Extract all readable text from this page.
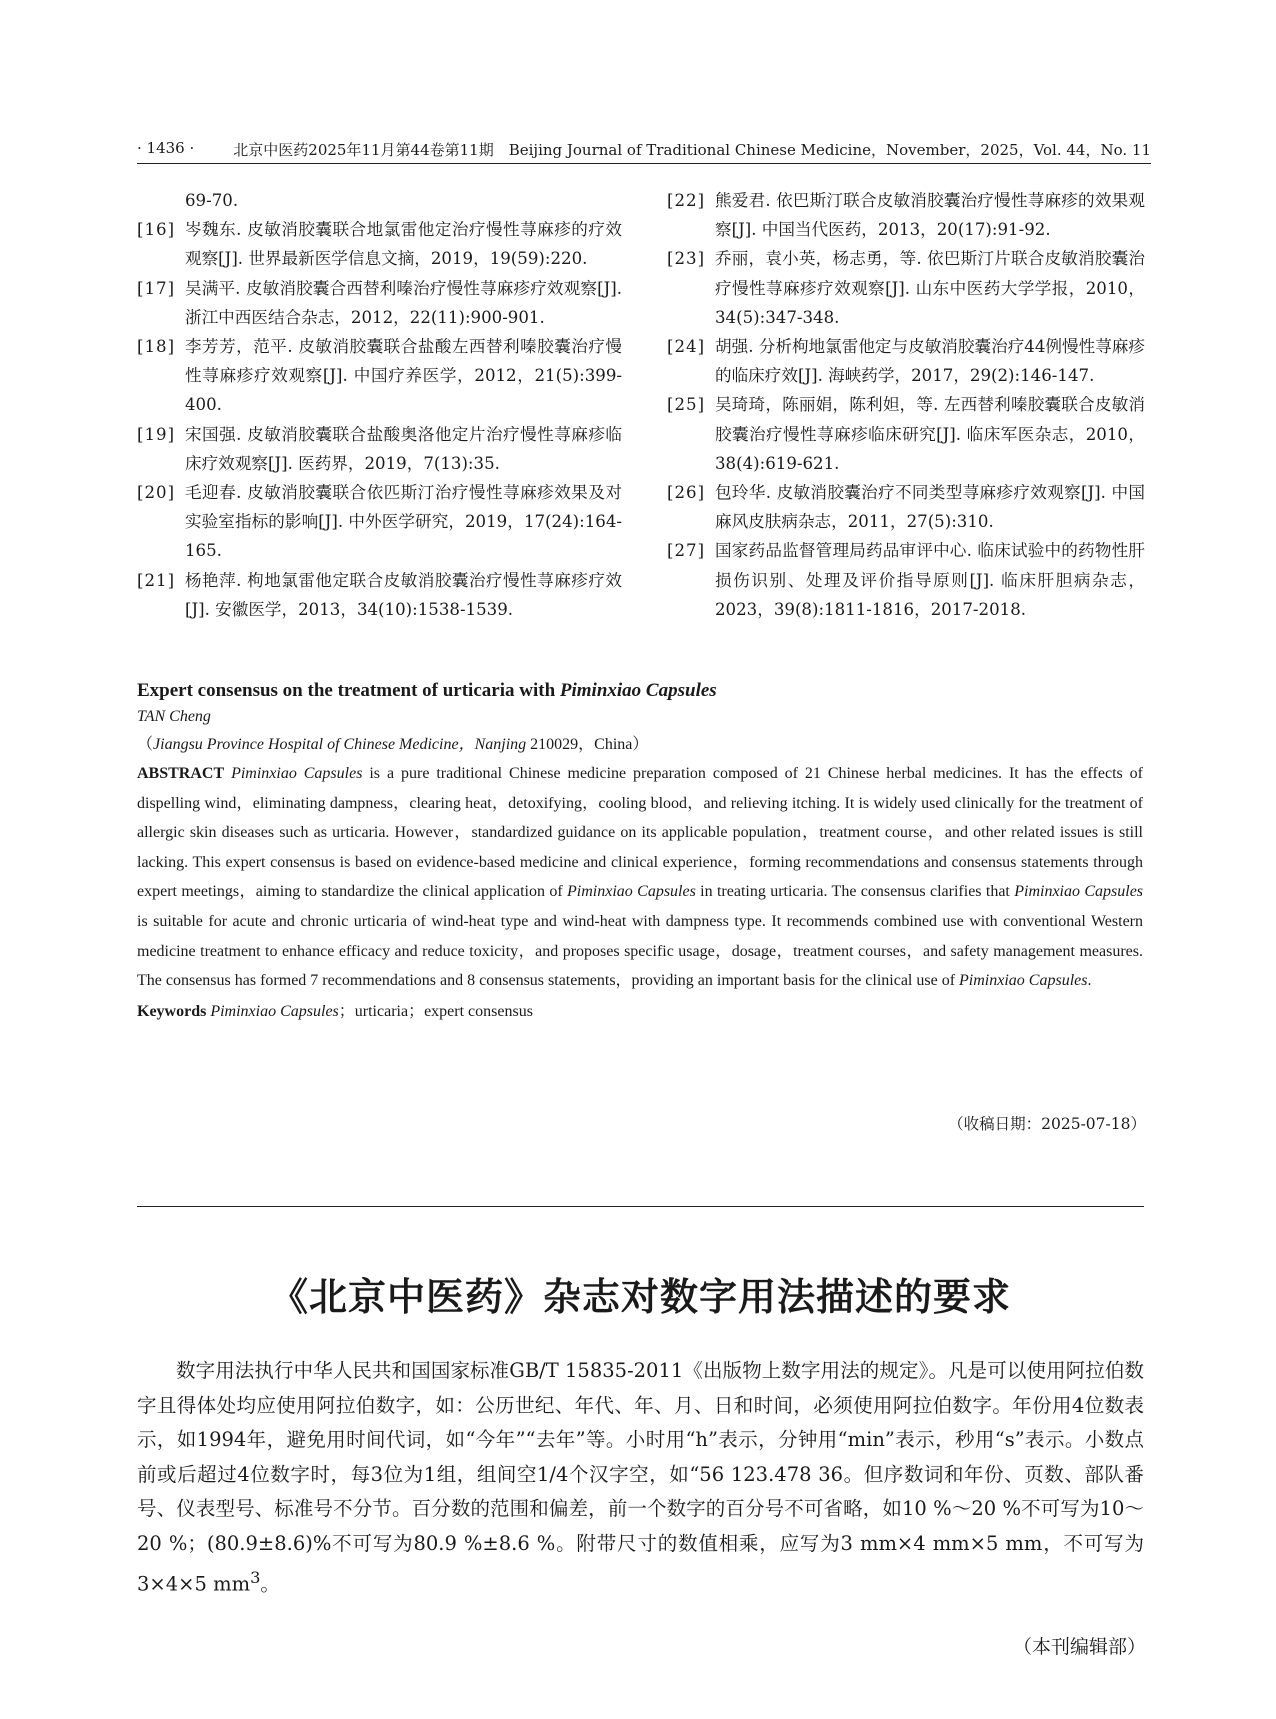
· 1436 ·	北京中医药2025年11月第44卷第11期　Beijing Journal of Traditional Chinese Medicine，November，2025，Vol. 44，No. 11
69-70.
[16] 岑魏东. 皮敏消胶囊联合地氯雷他定治疗慢性荨麻疹的疗效观察[J]. 世界最新医学信息文摘，2019，19(59):220.
[17] 吴满平. 皮敏消胶囊合西替利嗪治疗慢性荨麻疹疗效观察[J]. 浙江中西医结合杂志，2012，22(11):900-901.
[18] 李芳芳，范平. 皮敏消胶囊联合盐酸左西替利嗪胶囊治疗慢性荨麻疹疗效观察[J]. 中国疗养医学，2012，21(5):399-400.
[19] 宋国强. 皮敏消胶囊联合盐酸奥洛他定片治疗慢性荨麻疹临床疗效观察[J]. 医药界，2019，7(13):35.
[20] 毛迎春. 皮敏消胶囊联合依匹斯汀治疗慢性荨麻疹效果及对实验室指标的影响[J]. 中外医学研究，2019，17(24):164-165.
[21] 杨艳萍. 枸地氯雷他定联合皮敏消胶囊治疗慢性荨麻疹疗效[J]. 安徽医学，2013，34(10):1538-1539.
[22] 熊爱君. 依巴斯汀联合皮敏消胶囊治疗慢性荨麻疹的效果观察[J]. 中国当代医药，2013，20(17):91-92.
[23] 乔丽，袁小英，杨志勇，等. 依巴斯汀片联合皮敏消胶囊治疗慢性荨麻疹疗效观察[J]. 山东中医药大学学报，2010，34(5):347-348.
[24] 胡强. 分析枸地氯雷他定与皮敏消胶囊治疗44例慢性荨麻疹的临床疗效[J]. 海峡药学，2017，29(2):146-147.
[25] 吴琦琦，陈丽娟，陈利妲，等. 左西替利嗪胶囊联合皮敏消胶囊治疗慢性荨麻疹临床研究[J]. 临床军医杂志，2010，38(4):619-621.
[26] 包玲华. 皮敏消胶囊治疗不同类型荨麻疹疗效观察[J]. 中国麻风皮肤病杂志，2011，27(5):310.
[27] 国家药品监督管理局药品审评中心. 临床试验中的药物性肝损伤识别、处理及评价指导原则[J]. 临床肝胆病杂志，2023，39(8):1811-1816，2017-2018.

Expert consensus on the treatment of urticaria with Piminxiao Capsules

TAN Cheng

（Jiangsu Province Hospital of Chinese Medicine，Nanjing 210029，China）

ABSTRACT Piminxiao Capsules is a pure traditional Chinese medicine preparation composed of 21 Chinese herbal medicines. It has the effects of dispelling wind，eliminating dampness，clearing heat，detoxifying，cooling blood，and relieving itching. It is widely used clinically for the treatment of allergic skin diseases such as urticaria. However，standardized guidance on its applicable population，treatment course，and other related issues is still lacking. This expert consensus is based on evidence-based medicine and clinical experience，forming recommendations and consensus statements through expert meetings，aiming to standardize the clinical application of Piminxiao Capsules in treating urticaria. The consensus clarifies that Piminxiao Capsules is suitable for acute and chronic urticaria of wind-heat type and wind-heat with dampness type. It recommends combined use with conventional Western medicine treatment to enhance efficacy and reduce toxicity，and proposes specific usage，dosage，treatment courses，and safety management measures. The consensus has formed 7 recommendations and 8 consensus statements，providing an important basis for the clinical use of Piminxiao Capsules.

Keywords Piminxiao Capsules；urticaria；expert consensus

（收稿日期：2025-07-18）
《北京中医药》杂志对数字用法描述的要求

数字用法执行中华人民共和国国家标准GB/T 15835-2011《出版物上数字用法的规定》。凡是可以使用阿拉伯数字且得体处均应使用阿拉伯数字，如：公历世纪、年代、年、月、日和时间，必须使用阿拉伯数字。年份用4位数表示，如1994年，避免用时间代词，如“今年”“去年”等。小时用“h”表示，分钟用“min”表示，秒用“s”表示。小数点前或后超过4位数字时，每3位为1组，组间空1/4个汉字空，如“56 123.478 36。但序数词和年份、页数、部队番号、仪表型号、标准号不分节。百分数的范围和偏差，前一个数字的百分号不可省略，如10 %～20 %不可写为10～20 %；(80.9±8.6)%不可写为80.9 %±8.6 %。附带尺寸的数值相乘，应写为3 mm×4 mm×5 mm，不可写为3×4×5 $mm^3$。

（本刊编辑部）
